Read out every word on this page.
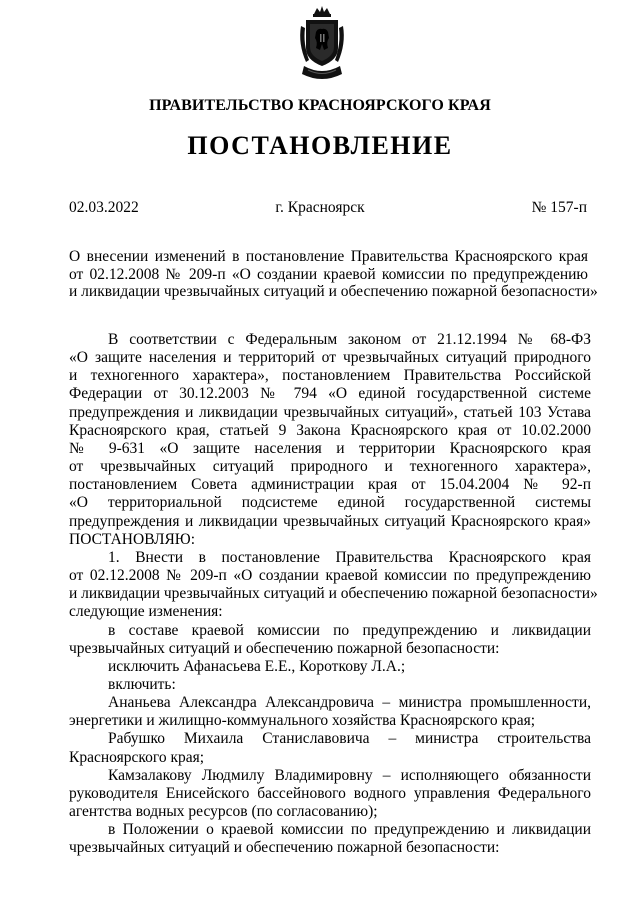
ПРАВИТЕЛЬСТВО КРАСНОЯРСКОГО КРАЯ
ПОСТАНОВЛЕНИЕ
02.03.2022	г. Красноярск	№ 157-п
О внесении изменений в постановление Правительства Красноярского края
от 02.12.2008 № 209-п «О создании краевой комиссии по предупреждению
и ликвидации чрезвычайных ситуаций и обеспечению пожарной безопасности»
В соответствии с Федеральным законом от 21.12.1994 № 68-ФЗ
«О защите населения и территорий от чрезвычайных ситуаций природного
и техногенного характера», постановлением Правительства Российской
Федерации от 30.12.2003 № 794 «О единой государственной системе
предупреждения и ликвидации чрезвычайных ситуаций», статьей 103 Устава
Красноярского края, статьей 9 Закона Красноярского края от 10.02.2000
№ 9-631 «О защите населения и территории Красноярского края
от чрезвычайных ситуаций природного и техногенного характера»,
постановлением Совета администрации края от 15.04.2004 № 92-п
«О территориальной подсистеме единой государственной системы
предупреждения и ликвидации чрезвычайных ситуаций Красноярского края»
ПОСТАНОВЛЯЮ:
1. Внести в постановление Правительства Красноярского края
от 02.12.2008 № 209-п «О создании краевой комиссии по предупреждению
и ликвидации чрезвычайных ситуаций и обеспечению пожарной безопасности»
следующие изменения:
в составе краевой комиссии по предупреждению и ликвидации
чрезвычайных ситуаций и обеспечению пожарной безопасности:
исключить Афанасьева Е.Е., Короткову Л.А.;
включить:
Ананьева Александра Александровича – министра промышленности,
энергетики и жилищно-коммунального хозяйства Красноярского края;
Рабушко Михаила Станиславовича – министра строительства
Красноярского края;
Камзалакову Людмилу Владимировну – исполняющего обязанности
руководителя Енисейского бассейнового водного управления Федерального
агентства водных ресурсов (по согласованию);
в Положении о краевой комиссии по предупреждению и ликвидации
чрезвычайных ситуаций и обеспечению пожарной безопасности:
